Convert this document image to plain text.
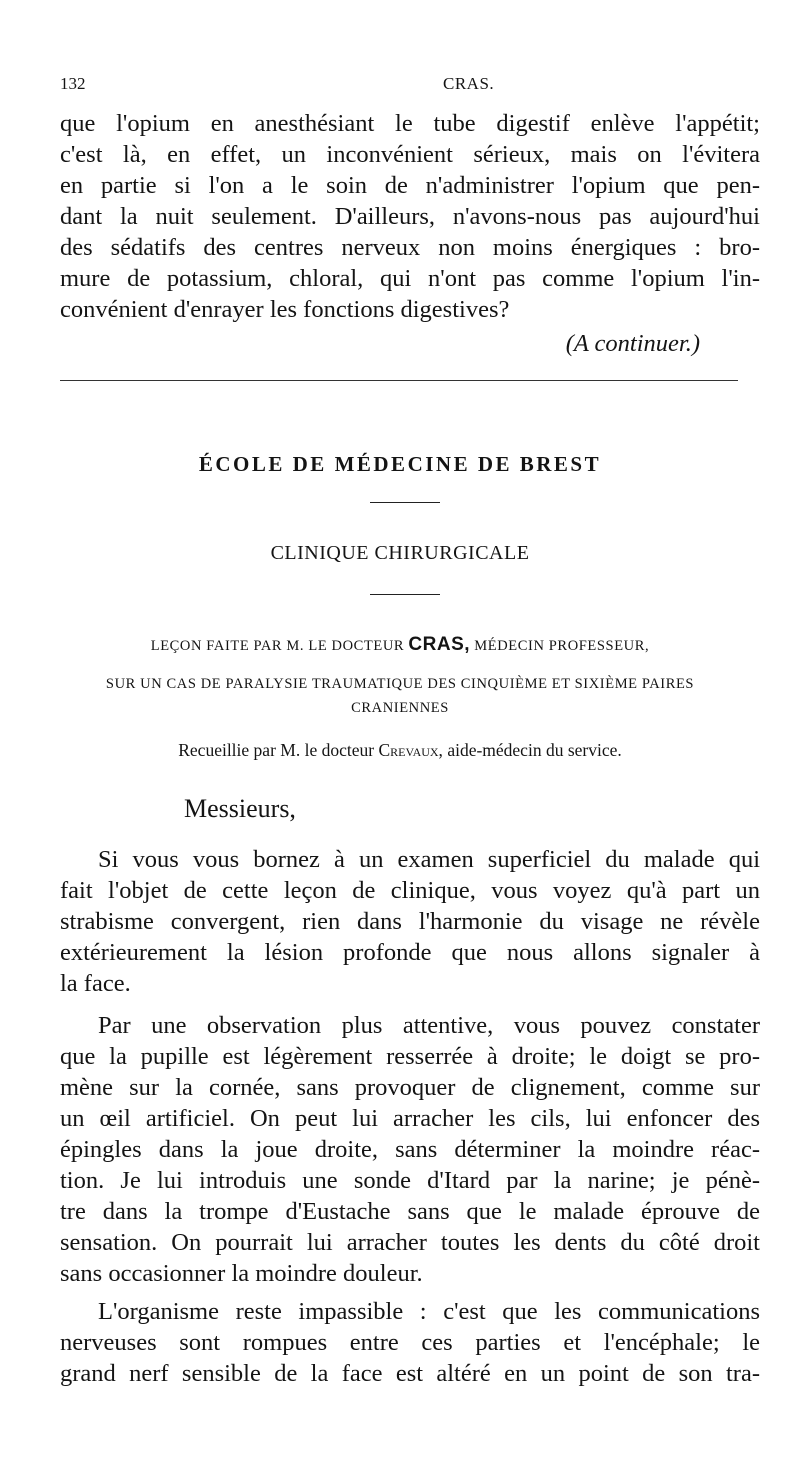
132	CRAS.

que l'opium en anesthésiant le tube digestif enlève l'appétit;
c'est là, en effet, un inconvénient sérieux, mais on l'évitera
en partie si l'on a le soin de n'administrer l'opium que pen-
dant la nuit seulement. D'ailleurs, n'avons-nous pas aujourd'hui
des sédatifs des centres nerveux non moins énergiques : bro-
mure de potassium, chloral, qui n'ont pas comme l'opium l'in-
convénient d'enrayer les fonctions digestives?

(A continuer.)
ÉCOLE DE MÉDECINE DE BREST
CLINIQUE CHIRURGICALE
LEÇON FAITE PAR M. LE DOCTEUR CRAS, MÉDECIN PROFESSEUR,
SUR UN CAS DE PARALYSIE TRAUMATIQUE DES CINQUIÈME ET SIXIÈME PAIRES
CRANIENNES
Recueillie par M. le docteur Crevaux, aide-médecin du service.
Messieurs,

Si vous vous bornez à un examen superficiel du malade qui
fait l'objet de cette leçon de clinique, vous voyez qu'à part un
strabisme convergent, rien dans l'harmonie du visage ne révèle
extérieurement la lésion profonde que nous allons signaler à
la face.

Par une observation plus attentive, vous pouvez constater
que la pupille est légèrement resserrée à droite; le doigt se pro-
mène sur la cornée, sans provoquer de clignement, comme sur
un œil artificiel. On peut lui arracher les cils, lui enfoncer des
épingles dans la joue droite, sans déterminer la moindre réac-
tion. Je lui introduis une sonde d'Itard par la narine; je pénè-
tre dans la trompe d'Eustache sans que le malade éprouve de
sensation. On pourrait lui arracher toutes les dents du côté droit
sans occasionner la moindre douleur.

L'organisme reste impassible : c'est que les communications
nerveuses sont rompues entre ces parties et l'encéphale; le
grand nerf sensible de la face est altéré en un point de son tra-
